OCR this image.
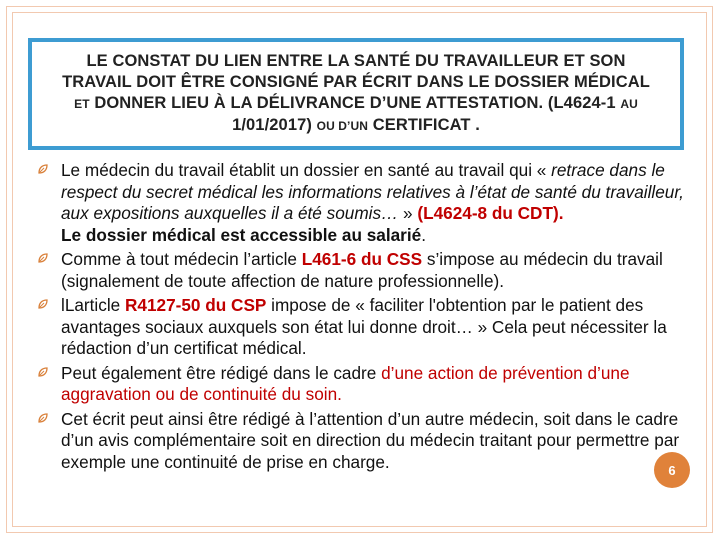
LE CONSTAT DU LIEN ENTRE LA SANTÉ DU TRAVAILLEUR ET SON
TRAVAIL DOIT ÊTRE CONSIGNÉ PAR ÉCRIT DANS LE DOSSIER MÉDICAL
ET DONNER LIEU À LA DÉLIVRANCE D’UNE ATTESTATION. (L4624-1 AU
1/01/2017) OU D’UN CERTIFICAT .
Le médecin du travail établit un dossier en santé au travail qui « retrace dans le respect du secret médical les informations relatives à l’état de santé du travailleur, aux expositions auxquelles il a été soumis… » (L4624-8 du CDT).
Le dossier médical est accessible au salarié.
Comme à tout médecin l’article L461-6 du CSS s’impose au médecin du travail (signalement de toute affection de nature professionnelle).
lLarticle R4127-50 du CSP impose de « faciliter l'obtention par le patient des avantages sociaux auxquels son état lui donne droit… » Cela peut nécessiter la rédaction d’un certificat médical.
Peut également être rédigé dans le cadre d’une action de prévention d’une aggravation ou de continuité du soin.
Cet écrit peut ainsi être rédigé à l’attention d’un autre médecin, soit dans le cadre d’un avis complémentaire soit en direction du médecin traitant pour permettre par exemple une continuité de prise en charge.	6
